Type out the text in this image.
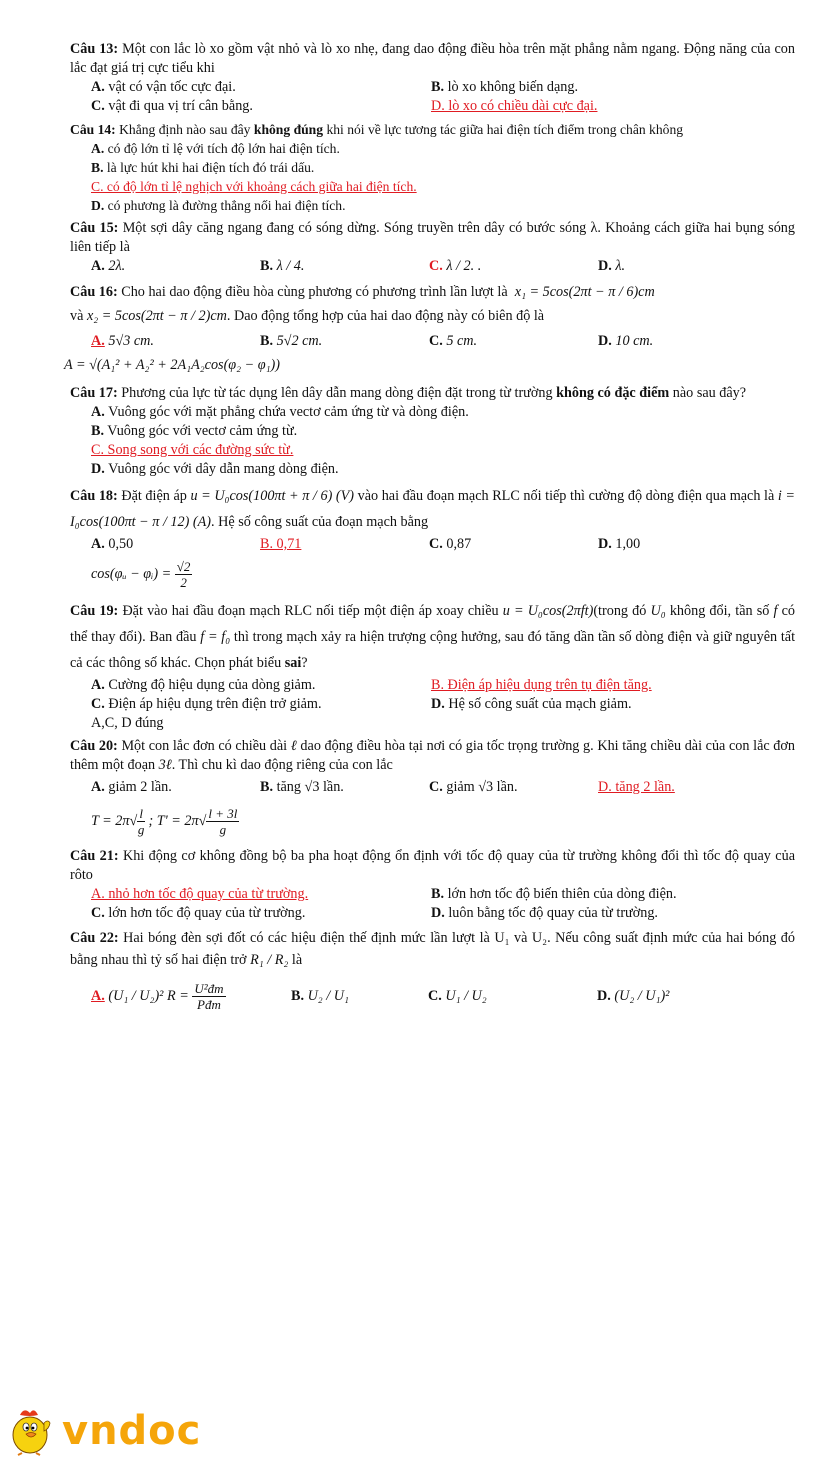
Câu 13: Một con lắc lò xo gồm vật nhỏ và lò xo nhẹ, đang dao động điều hòa trên mặt phẳng nằm ngang. Động năng của con lắc đạt giá trị cực tiểu khi

A. vật có vận tốc cực đại.	B. lò xo không biến dạng.
C. vật đi qua vị trí cân bằng.	D. lò xo có chiều dài cực đại.

Câu 14: Khẳng định nào sau đây không đúng khi nói về lực tương tác giữa hai điện tích điểm trong chân không

A. có độ lớn tỉ lệ với tích độ lớn hai điện tích.
B. là lực hút khi hai điện tích đó trái dấu.
C. có độ lớn tỉ lệ nghịch với khoảng cách giữa hai điện tích.
D. có phương là đường thẳng nối hai điện tích.

Câu 15: Một sợi dây căng ngang đang có sóng dừng. Sóng truyền trên dây có bước sóng λ. Khoảng cách giữa hai bụng sóng liên tiếp là

A. 2λ.	B. λ / 4.	C. λ / 2. .	D. λ.

Câu 16: Cho hai dao động điều hòa cùng phương có phương trình lần lượt là  x₁ = 5cos(2πt − π / 6)cm
và x₂ = 5cos(2πt − π / 2)cm. Dao động tổng hợp của hai dao động này có biên độ là

A. 5√3 cm.	B. 5√2 cm.	C. 5 cm.	D. 10 cm.
A = √(A₁² + A₂² + 2A₁A₂cos(φ₂ − φ₁))

Câu 17: Phương của lực từ tác dụng lên dây dẫn mang dòng điện đặt trong từ trường không có đặc điểm nào sau đây?

A. Vuông góc với mặt phẳng chứa vectơ cảm ứng từ và dòng điện.
B. Vuông góc với vectơ cảm ứng từ.
C. Song song với các đường sức từ.
D. Vuông góc với dây dẫn mang dòng điện.

Câu 18: Đặt điện áp u = U₀cos(100πt + π / 6) (V) vào hai đầu đoạn mạch RLC nối tiếp thì cường độ dòng điện qua mạch là i = I₀cos(100πt − π / 12) (A). Hệ số công suất của đoạn mạch bằng

A. 0,50	B. 0,71	C. 0,87	D. 1,00
cos(φᵤ − φᵢ) = $\frac{√2}{2}$

Câu 19: Đặt vào hai đầu đoạn mạch RLC nối tiếp một điện áp xoay chiều u = U₀cos(2πft)(trong đó U₀ không đổi, tần số f có thể thay đổi). Ban đầu f = f₀ thì trong mạch xảy ra hiện trượng cộng hưởng, sau đó tăng dần tần số dòng điện và giữ nguyên tất cả các thông số khác. Chọn phát biểu sai?

A. Cường độ hiệu dụng của dòng giảm.	B. Điện áp hiệu dụng trên tụ điện tăng.
C. Điện áp hiệu dụng trên điện trở giảm.	D. Hệ số công suất của mạch giảm.
A,C, D đúng

Câu 20: Một con lắc đơn có chiều dài ℓ dao động điều hòa tại nơi có gia tốc trọng trường g. Khi tăng chiều dài của con lắc đơn thêm một đoạn 3ℓ. Thì chu kì dao động riêng của con lắc

A. giảm 2 lần.	B. tăng √3 lần.	C. giảm √3 lần.	D. tăng 2 lần.
$T = 2\pi√ \frac{l}{g}$ ; $T' = 2\pi√ \frac{l + 3l}{g}$

Câu 21: Khi động cơ không đồng bộ ba pha hoạt động ổn định với tốc độ quay của từ trường không đổi thì tốc độ quay của rôto

A. nhỏ hơn tốc độ quay của từ trường.	B. lớn hơn tốc độ biến thiên của dòng điện.
C. lớn hơn tốc độ quay của từ trường.	D. luôn bằng tốc độ quay của từ trường.

Câu 22: Hai bóng đèn sợi đốt có các hiệu điện thế định mức lần lượt là U₁ và U₂. Nếu công suất định mức của hai bóng đó bằng nhau thì tỷ số hai điện trở R₁ / R₂ là

A. (U₁ / U₂)² $R = \frac{\text{U²đm}}{\text{Pđm}}$	B. U₂ / U₁	C. U₁ / U₂	D. (U₂ / U₁)²
vndoc
